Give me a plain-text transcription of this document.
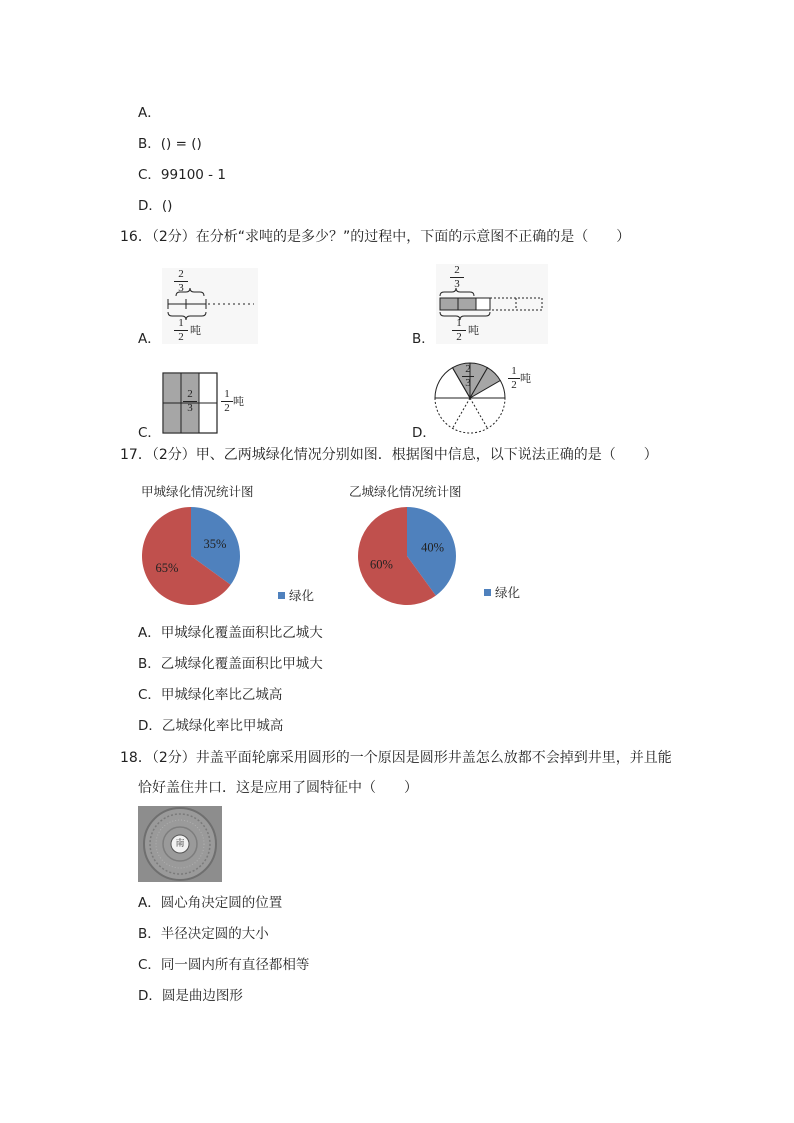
A．
B．() = ()
C．99100 - 1
D．()
16．（2分）在分析“求吨的是多少？”的过程中，下面的示意图不正确的是（　　）
A．
2
3
1
2 吨
B．
2
3
1
2 吨
C．
2
3
1
2 吨
D．
2
3
1
2 吨
17．（2分）甲、乙两城绿化情况分别如图．根据图中信息，以下说法正确的是（　　）
甲城绿化情况统计图	乙城绿化情况统计图
35%
65%
40%
60%
绿化	绿化
A．甲城绿化覆盖面积比乙城大
B．乙城绿化覆盖面积比甲城大
C．甲城绿化率比乙城高
D．乙城绿化率比甲城高
18．（2分）井盖平面轮廓采用圆形的一个原因是圆形井盖怎么放都不会掉到井里，并且能
恰好盖住井口．这是应用了圆特征中（　　）
南
A．圆心角决定圆的位置
B．半径决定圆的大小
C．同一圆内所有直径都相等
D．圆是曲边图形
